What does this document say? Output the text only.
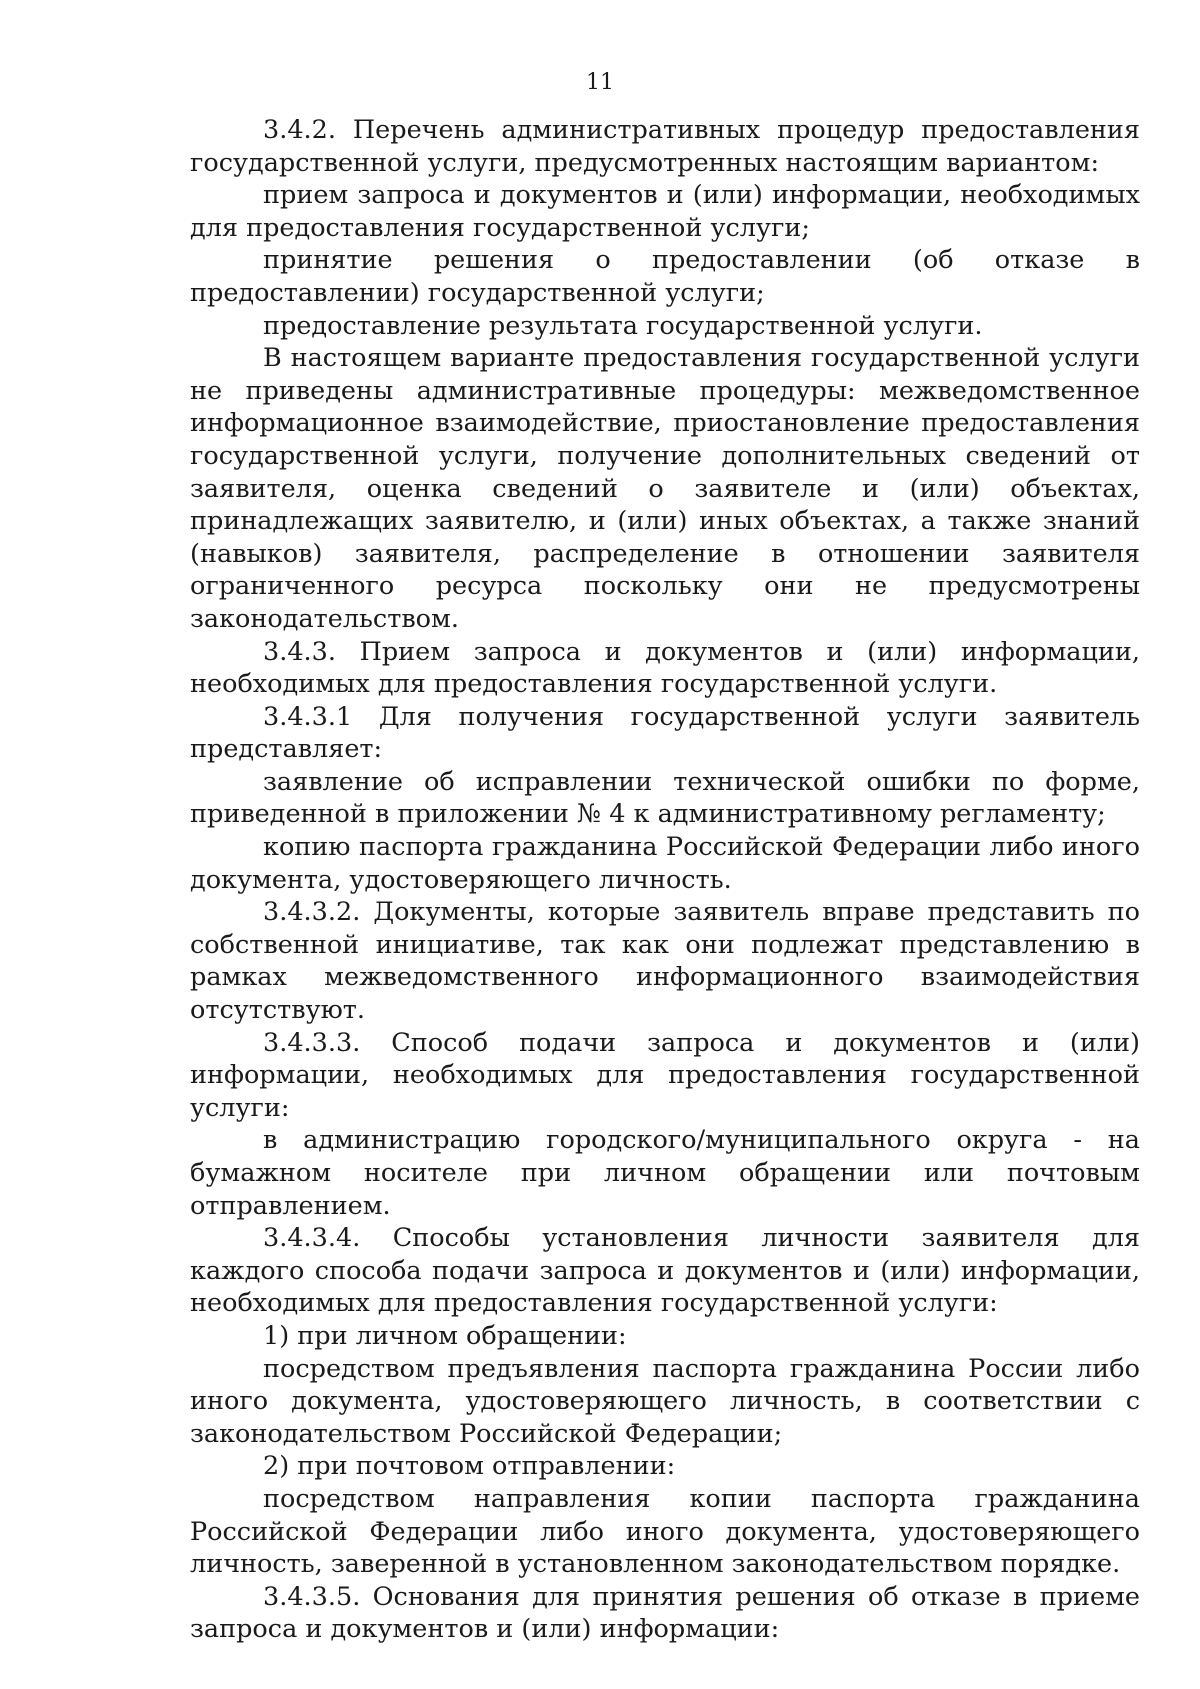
11

3.4.2. Перечень административных процедур предоставления государственной услуги, предусмотренных настоящим вариантом:

прием запроса и документов и (или) информации, необходимых для предоставления государственной услуги;

принятие решения о предоставлении (об отказе в предоставлении) государственной услуги;

предоставление результата государственной услуги.

В настоящем варианте предоставления государственной услуги не приведены административные процедуры: межведомственное информационное взаимодействие, приостановление предоставления государственной услуги, получение дополнительных сведений от заявителя, оценка сведений о заявителе и (или) объектах, принадлежащих заявителю, и (или) иных объектах, а также знаний (навыков) заявителя, распределение в отношении заявителя ограниченного ресурса поскольку они не предусмотрены законодательством.

3.4.3. Прием запроса и документов и (или) информации, необходимых для предоставления государственной услуги.

3.4.3.1 Для получения государственной услуги заявитель представляет:

заявление об исправлении технической ошибки по форме, приведенной в приложении № 4 к административному регламенту;

копию паспорта гражданина Российской Федерации либо иного документа, удостоверяющего личность.

3.4.3.2. Документы, которые заявитель вправе представить по собственной инициативе, так как они подлежат представлению в рамках межведомственного информационного взаимодействия отсутствуют.

3.4.3.3. Способ подачи запроса и документов и (или) информации, необходимых для предоставления государственной услуги:

в администрацию городского/муниципального округа - на бумажном носителе при личном обращении или почтовым отправлением.

3.4.3.4. Способы установления личности заявителя для каждого способа подачи запроса и документов и (или) информации, необходимых для предоставления государственной услуги:

1) при личном обращении:

посредством предъявления паспорта гражданина России либо иного документа, удостоверяющего личность, в соответствии с законодательством Российской Федерации;

2) при почтовом отправлении:

посредством направления копии паспорта гражданина Российской Федерации либо иного документа, удостоверяющего личность, заверенной в установленном законодательством порядке.

3.4.3.5. Основания для принятия решения об отказе в приеме запроса и документов и (или) информации:
